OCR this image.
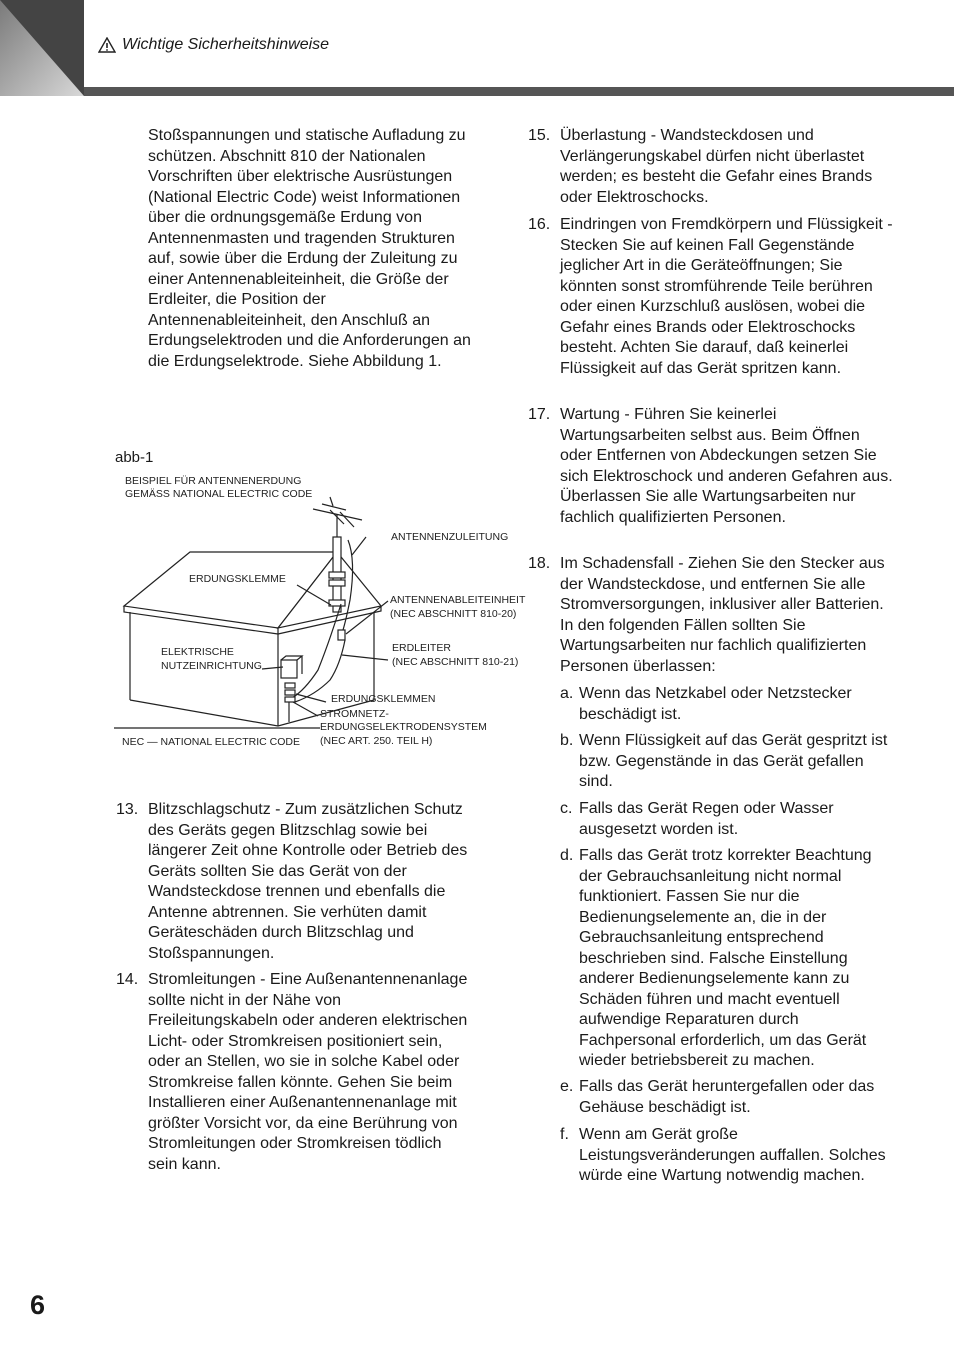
Wichtige Sicherheitshinweise
Stoßspannungen und statische Aufladung zu schützen. Abschnitt 810 der Nationalen Vorschriften über elektrische Ausrüstungen (National Electric Code) weist Informationen über die ordnungsgemäße Erdung von Antennenmasten und tragenden Strukturen auf, sowie über die Erdung der Zuleitung zu einer Antennenableiteinheit, die Größe der Erdleiter, die Position der Antennenableiteinheit, den Anschluß an Erdungselektroden und die Anforderungen an die Erdungselektrode. Siehe Abbildung 1.
abb-1
BEISPIEL FÜR ANTENNENERDUNG
GEMÄSS NATIONAL ELECTRIC CODE
ANTENNENZULEITUNG
ERDUNGSKLEMME
ANTENNENABLEITEINHEIT
(NEC ABSCHNITT 810-20)
ELEKTRISCHE
NUTZEINRICHTUNG
ERDLEITER
(NEC ABSCHNITT 810-21)
ERDUNGSKLEMMEN
STROMNETZ-
ERDUNGSELEKTRODENSYSTEM
(NEC ART. 250. TEIL H)
NEC — NATIONAL ELECTRIC CODE
13. Blitzschlagschutz - Zum zusätzlichen Schutz des Geräts gegen Blitzschlag sowie bei längerer Zeit ohne Kontrolle oder Betrieb des Geräts sollten Sie das Gerät von der Wandsteckdose trennen und ebenfalls die Antenne abtrennen. Sie verhüten damit Geräteschäden durch Blitzschlag und Stoßspannungen.
14. Stromleitungen - Eine Außenantennenanlage sollte nicht in der Nähe von Freileitungskabeln oder anderen elektrischen Licht- oder Stromkreisen positioniert sein, oder an Stellen, wo sie in solche Kabel oder Stromkreise fallen könnte. Gehen Sie beim Installieren einer Außenantennenanlage mit größter Vorsicht vor, da eine Berührung von Stromleitungen oder Stromkreisen tödlich sein kann.
15. Überlastung - Wandsteckdosen und Verlängerungskabel dürfen nicht überlastet werden; es besteht die Gefahr eines Brands oder Elektroschocks.
16. Eindringen von Fremdkörpern und Flüssigkeit - Stecken Sie auf keinen Fall Gegenstände jeglicher Art in die Geräteöffnungen; Sie könnten sonst stromführende Teile berühren oder einen Kurzschluß auslösen, wobei die Gefahr eines Brands oder Elektroschocks besteht. Achten Sie darauf, daß keinerlei Flüssigkeit auf das Gerät spritzen kann.
17. Wartung - Führen Sie keinerlei Wartungsarbeiten selbst aus. Beim Öffnen oder Entfernen von Abdeckungen setzen Sie sich Elektroschock und anderen Gefahren aus. Überlassen Sie alle Wartungsarbeiten nur fachlich qualifizierten Personen.
18. Im Schadensfall - Ziehen Sie den Stecker aus der Wandsteckdose, und entfernen Sie alle Stromversorgungen, inklusiver aller Batterien. In den folgenden Fällen sollten Sie Wartungsarbeiten nur fachlich qualifizierten Personen überlassen:
a. Wenn das Netzkabel oder Netzstecker beschädigt ist.
b. Wenn Flüssigkeit auf das Gerät gespritzt ist bzw. Gegenstände in das Gerät gefallen sind.
c. Falls das Gerät Regen oder Wasser ausgesetzt worden ist.
d. Falls das Gerät trotz korrekter Beachtung der Gebrauchsanleitung nicht normal funktioniert. Fassen Sie nur die Bedienungselemente an, die in der Gebrauchsanleitung entsprechend beschrieben sind. Falsche Einstellung anderer Bedienungselemente kann zu Schäden führen und macht eventuell aufwendige Reparaturen durch Fachpersonal erforderlich, um das Gerät wieder betriebsbereit zu machen.
e. Falls das Gerät heruntergefallen oder das Gehäuse beschädigt ist.
f. Wenn am Gerät große Leistungsveränderungen auffallen. Solches würde eine Wartung notwendig machen.
6
